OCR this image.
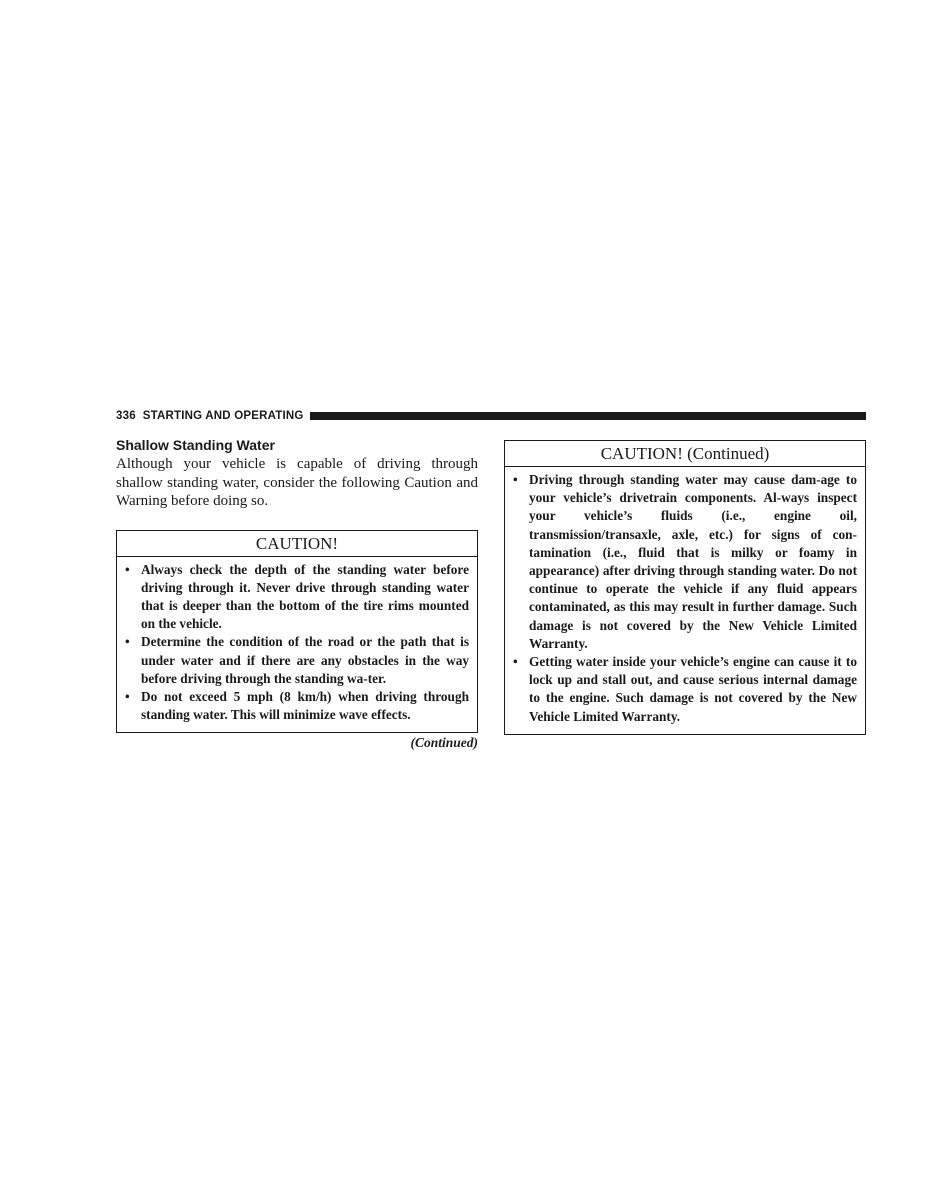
336 STARTING AND OPERATING
Shallow Standing Water

Although your vehicle is capable of driving through shallow standing water, consider the following Caution and Warning before doing so.

CAUTION!
• Always check the depth of the standing water before driving through it. Never drive through standing water that is deeper than the bottom of the tire rims mounted on the vehicle.
• Determine the condition of the road or the path that is under water and if there are any obstacles in the way before driving through the standing wa-ter.
• Do not exceed 5 mph (8 km/h) when driving through standing water. This will minimize wave effects.
(Continued)
CAUTION! (Continued)
• Driving through standing water may cause dam-age to your vehicle’s drivetrain components. Al-ways inspect your vehicle’s fluids (i.e., engine oil, transmission/transaxle, axle, etc.) for signs of con-tamination (i.e., fluid that is milky or foamy in appearance) after driving through standing water. Do not continue to operate the vehicle if any fluid appears contaminated, as this may result in further damage. Such damage is not covered by the New Vehicle Limited Warranty.
• Getting water inside your vehicle’s engine can cause it to lock up and stall out, and cause serious internal damage to the engine. Such damage is not covered by the New Vehicle Limited Warranty.
